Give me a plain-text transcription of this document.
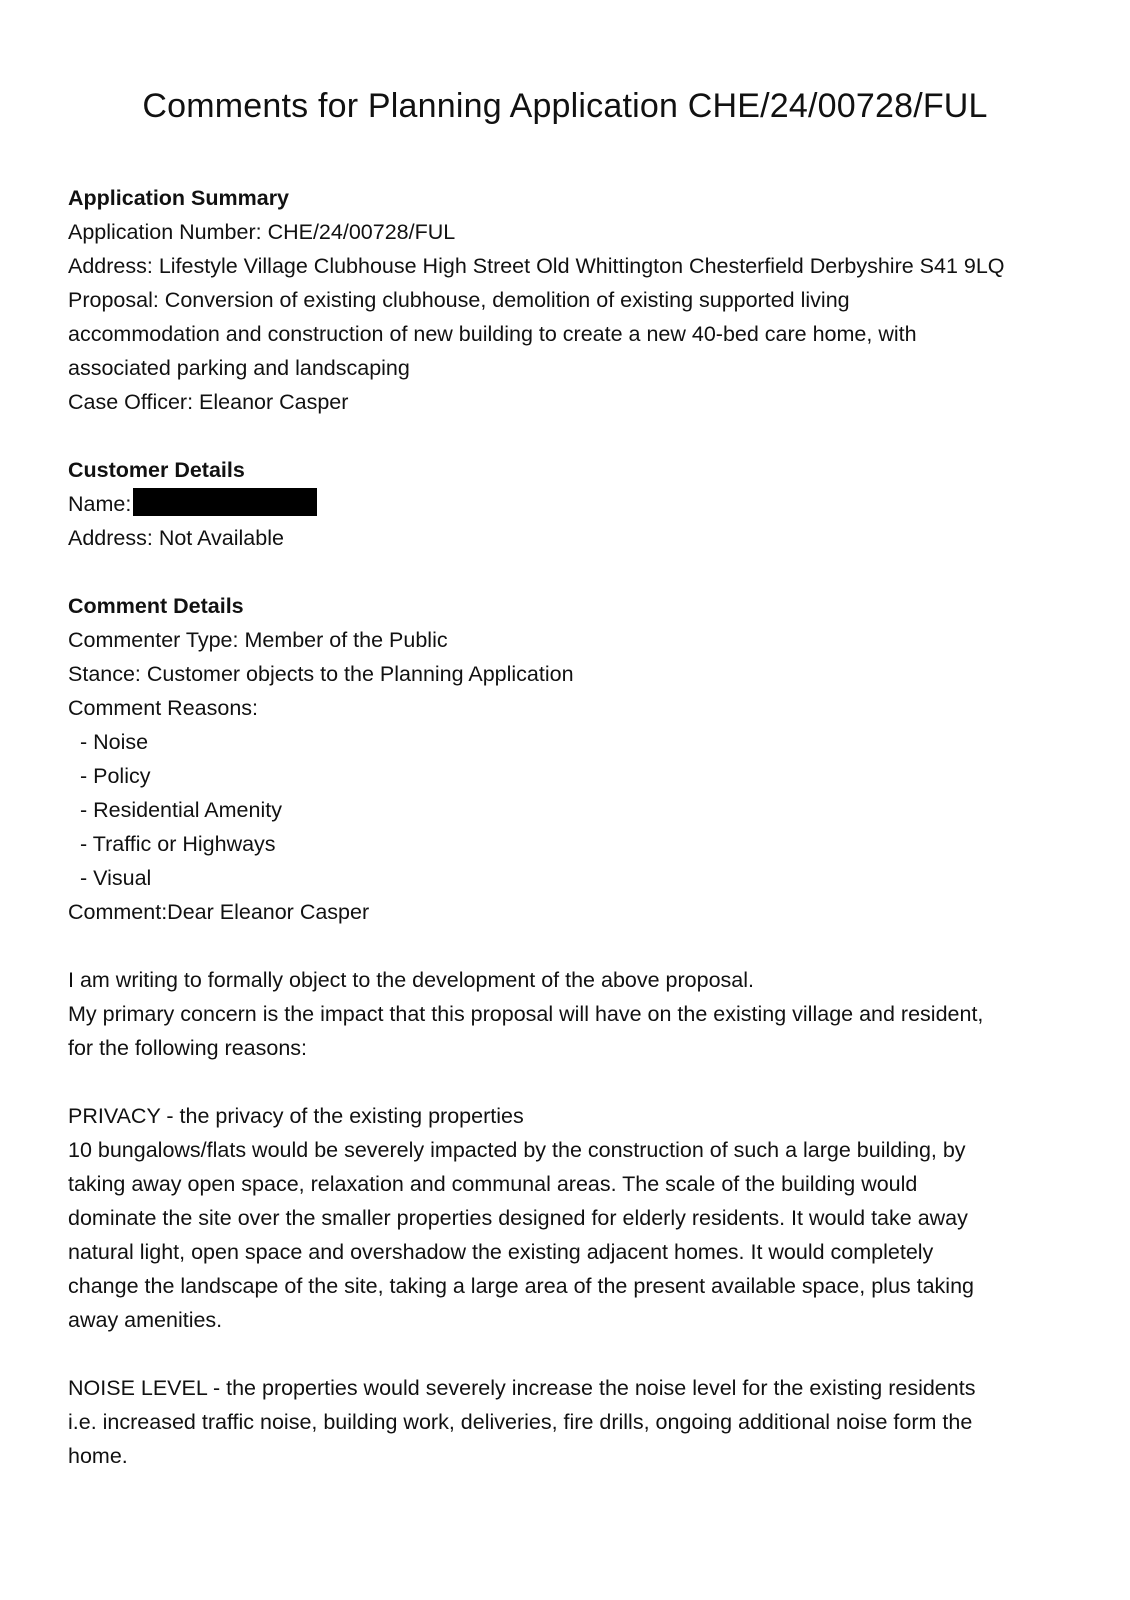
Comments for Planning Application CHE/24/00728/FUL
Application Summary
Application Number: CHE/24/00728/FUL
Address: Lifestyle Village Clubhouse High Street Old Whittington Chesterfield Derbyshire S41 9LQ
Proposal: Conversion of existing clubhouse, demolition of existing supported living
accommodation and construction of new building to create a new 40-bed care home, with
associated parking and landscaping
Case Officer: Eleanor Casper
Customer Details
Name:
Address: Not Available
Comment Details
Commenter Type: Member of the Public
Stance: Customer objects to the Planning Application
Comment Reasons:
- Noise
- Policy
- Residential Amenity
- Traffic or Highways
- Visual
Comment:Dear Eleanor Casper
I am writing to formally object to the development of the above proposal.
My primary concern is the impact that this proposal will have on the existing village and resident,
for the following reasons:
PRIVACY - the privacy of the existing properties
10 bungalows/flats would be severely impacted by the construction of such a large building, by
taking away open space, relaxation and communal areas. The scale of the building would
dominate the site over the smaller properties designed for elderly residents. It would take away
natural light, open space and overshadow the existing adjacent homes. It would completely
change the landscape of the site, taking a large area of the present available space, plus taking
away amenities.
NOISE LEVEL - the properties would severely increase the noise level for the existing residents
i.e. increased traffic noise, building work, deliveries, fire drills, ongoing additional noise form the
home.
